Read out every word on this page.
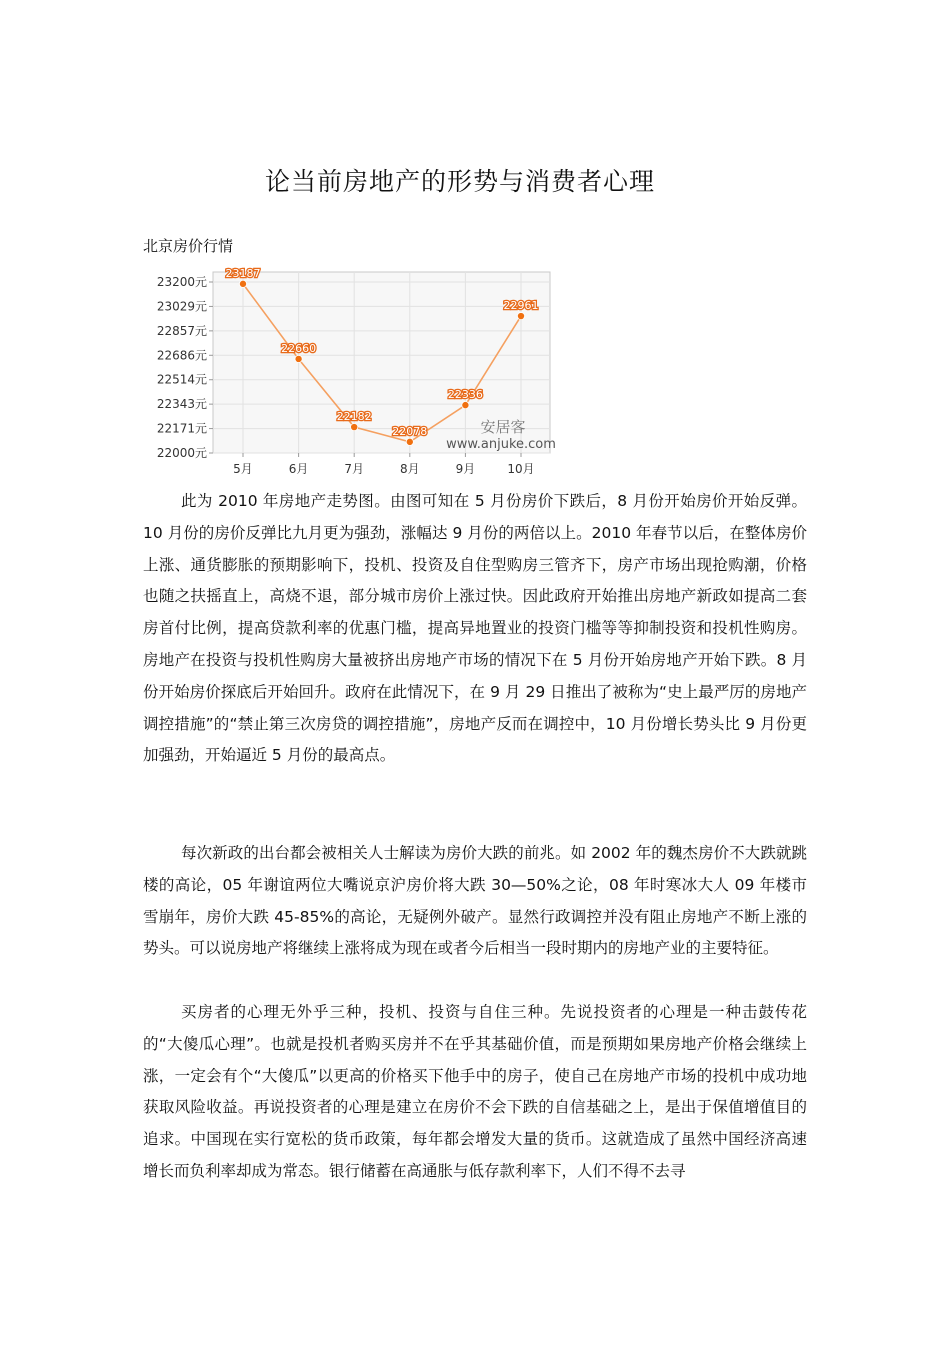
论当前房地产的形势与消费者心理
北京房价行情
23200元
23029元
22857元
22686元
22514元
22343元
22171元
22000元
5月	6月	7月	8月	9月	10月
23187
22660
22182
22078
22336
22961
安居客
www.anjuke.com

此为 2010 年房地产走势图。由图可知在 5 月份房价下跌后，8 月份开始房价开始反弹。10 月份的房价反弹比九月更为强劲，涨幅达 9 月份的两倍以上。2010 年春节以后，在整体房价上涨、通货膨胀的预期影响下，投机、投资及自住型购房三管齐下，房产市场出现抢购潮，价格也随之扶摇直上，高烧不退，部分城市房价上涨过快。因此政府开始推出房地产新政如提高二套房首付比例，提高贷款利率的优惠门槛，提高异地置业的投资门槛等等抑制投资和投机性购房。房地产在投资与投机性购房大量被挤出房地产市场的情况下在 5 月份开始房地产开始下跌。8 月份开始房价探底后开始回升。政府在此情况下，在 9 月 29 日推出了被称为“史上最严厉的房地产调控措施”的“禁止第三次房贷的调控措施”，房地产反而在调控中，10 月份增长势头比 9 月份更加强劲，开始逼近 5 月份的最高点。

每次新政的出台都会被相关人士解读为房价大跌的前兆。如 2002 年的魏杰房价不大跌就跳楼的高论，05 年谢谊两位大嘴说京沪房价将大跌 30—50%之论，08 年时寒冰大人 09 年楼市雪崩年，房价大跌 45-85%的高论，无疑例外破产。显然行政调控并没有阻止房地产不断上涨的势头。可以说房地产将继续上涨将成为现在或者今后相当一段时期内的房地产业的主要特征。

买房者的心理无外乎三种，投机、投资与自住三种。先说投资者的心理是一种击鼓传花的“大傻瓜心理”。也就是投机者购买房并不在乎其基础价值，而是预期如果房地产价格会继续上涨，一定会有个“大傻瓜”以更高的价格买下他手中的房子，使自己在房地产市场的投机中成功地获取风险收益。再说投资者的心理是建立在房价不会下跌的自信基础之上，是出于保值增值目的追求。中国现在实行宽松的货币政策，每年都会增发大量的货币。这就造成了虽然中国经济高速增长而负利率却成为常态。银行储蓄在高通胀与低存款利率下，人们不得不去寻
